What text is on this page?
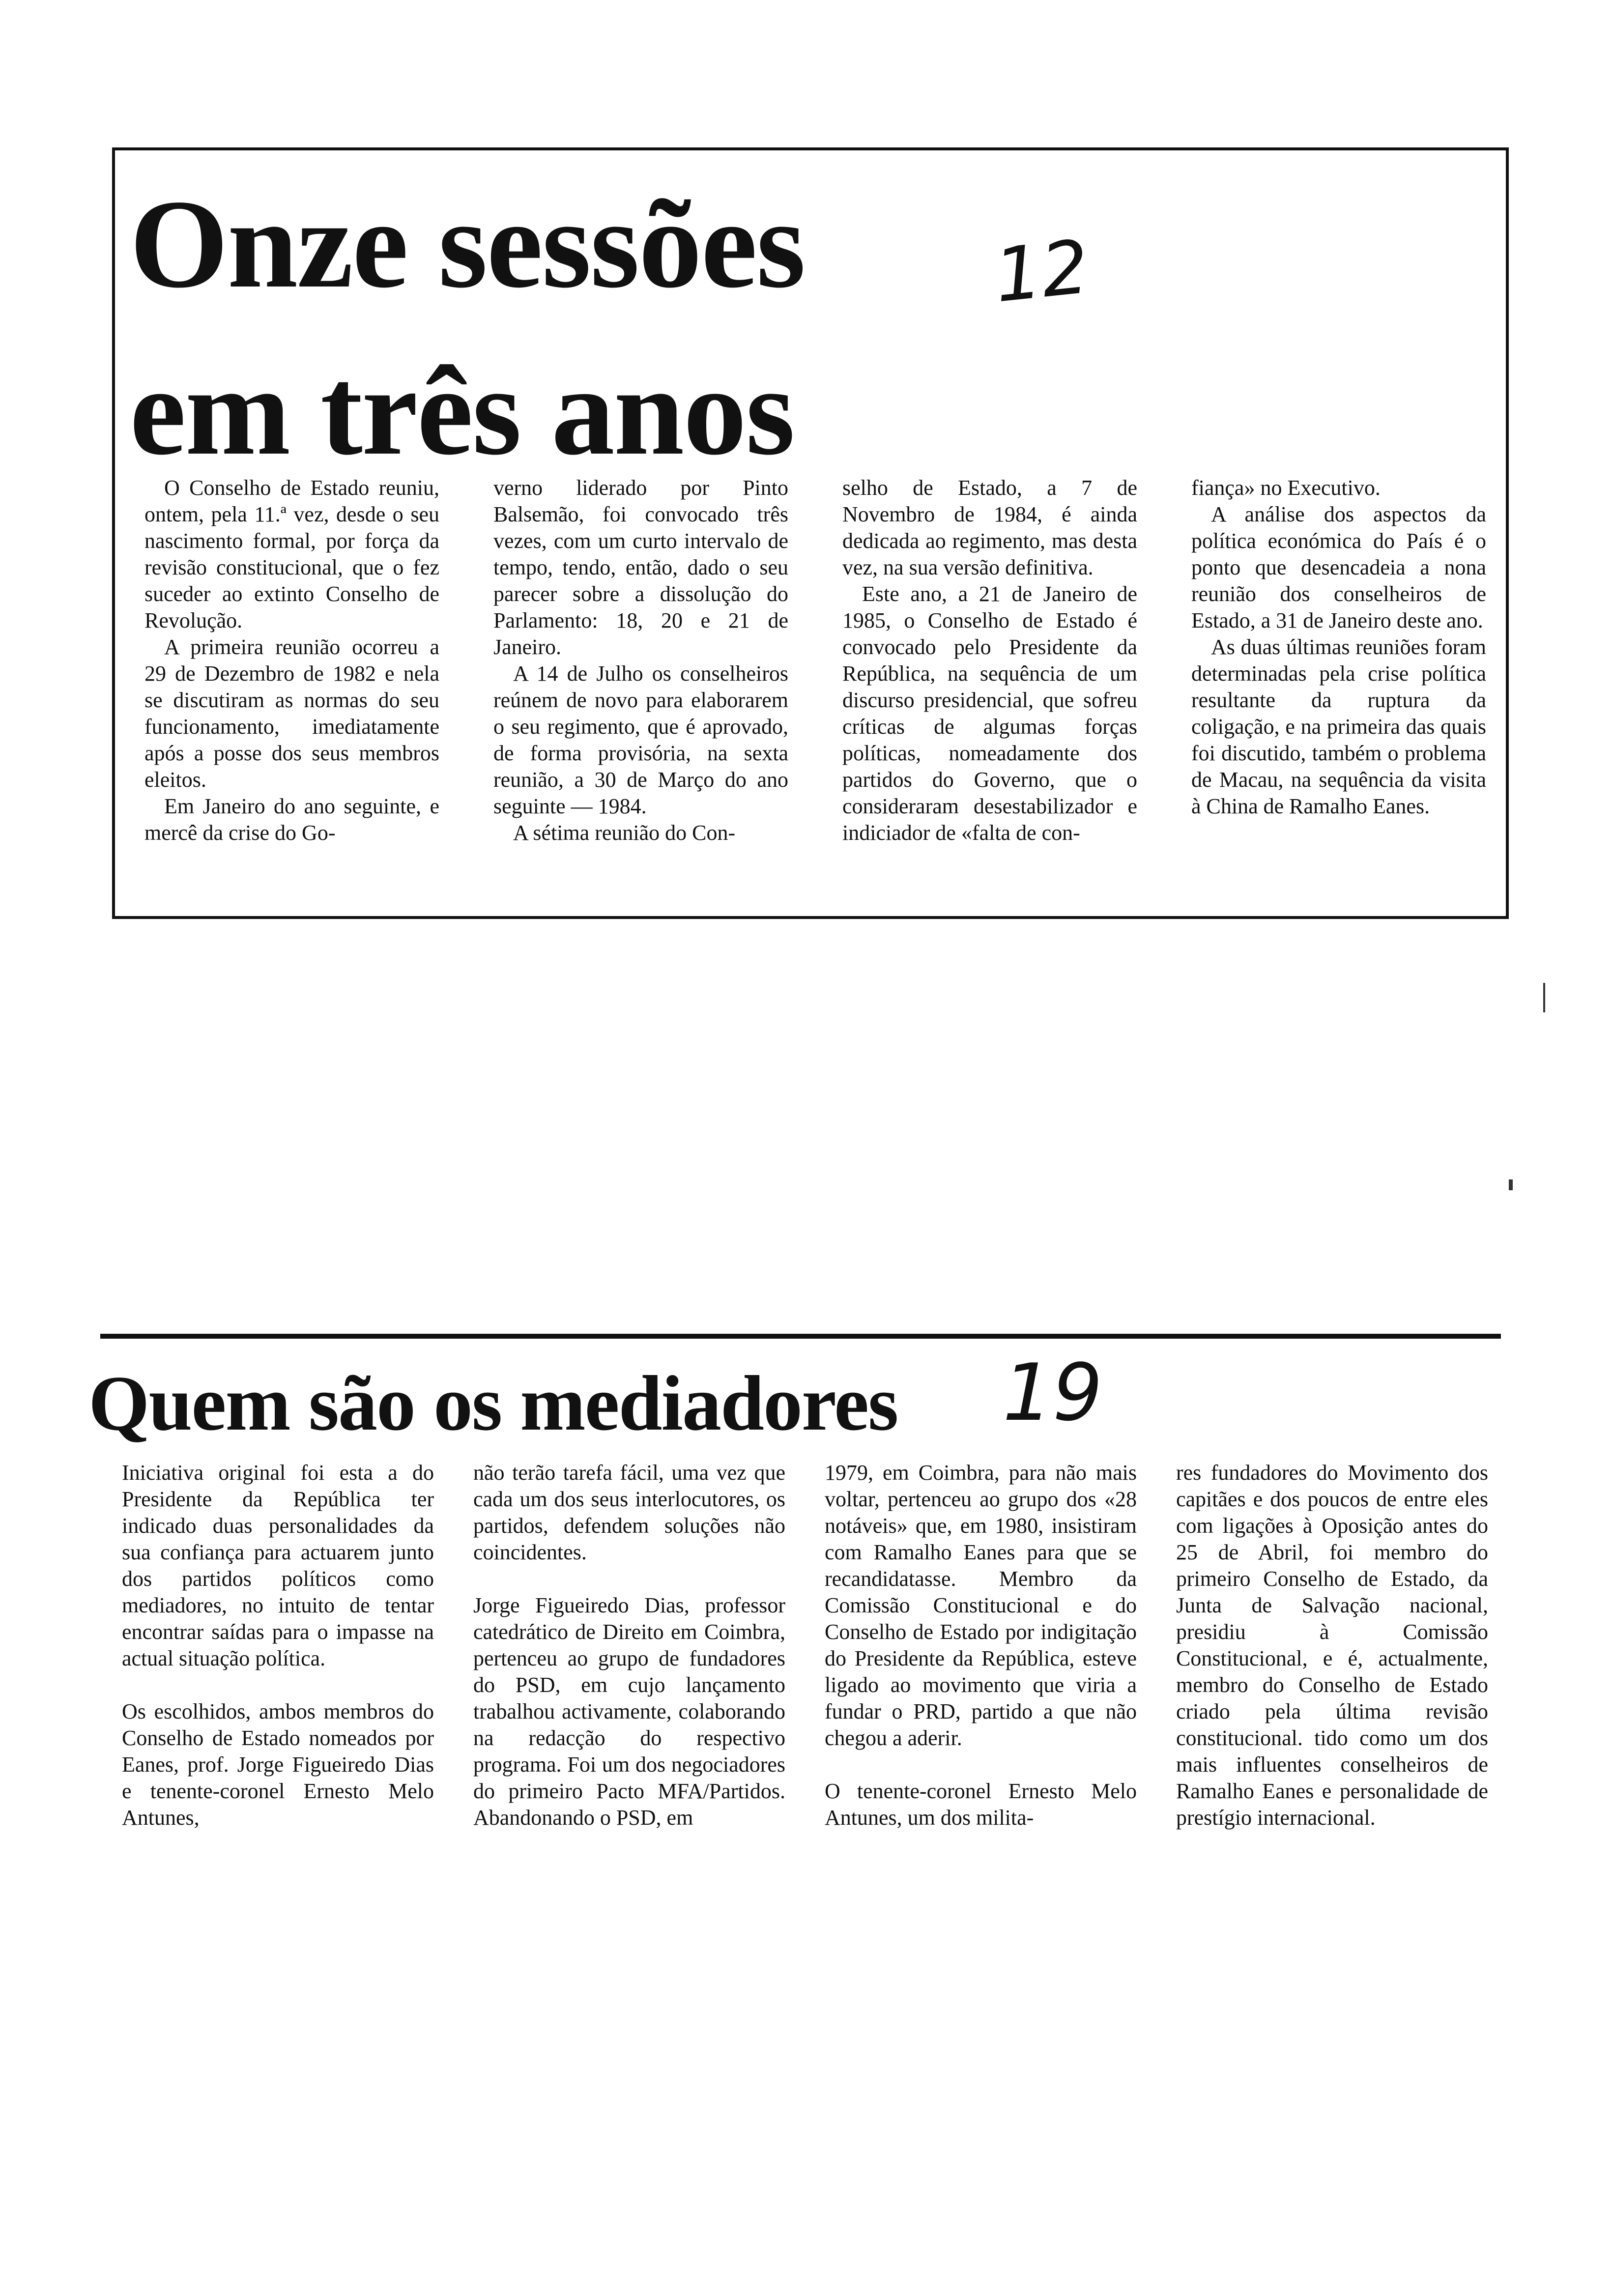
Onze sessões
em três anos
12

O Conselho de Estado reuniu, ontem, pela 11.ª vez, desde o seu nascimento formal, por força da revisão constitucional, que o fez suceder ao extinto Conselho de Revolução.

A primeira reunião ocorreu a 29 de Dezembro de 1982 e nela se discutiram as normas do seu funcionamento, imediatamente após a posse dos seus membros eleitos.

Em Janeiro do ano seguinte, e mercê da crise do Go-

verno liderado por Pinto Balsemão, foi convocado três vezes, com um curto intervalo de tempo, tendo, então, dado o seu parecer sobre a dissolução do Parlamento: 18, 20 e 21 de Janeiro.

A 14 de Julho os conselheiros reúnem de novo para elaborarem o seu regimento, que é aprovado, de forma provisória, na sexta reunião, a 30 de Março do ano seguinte — 1984.

A sétima reunião do Con-

selho de Estado, a 7 de Novembro de 1984, é ainda dedicada ao regimento, mas desta vez, na sua versão definitiva.

Este ano, a 21 de Janeiro de 1985, o Conselho de Estado é convocado pelo Presidente da República, na sequência de um discurso presidencial, que sofreu críticas de algumas forças políticas, nomeadamente dos partidos do Governo, que o consideraram desestabilizador e indiciador de «falta de con-

fiança» no Executivo.

A análise dos aspectos da política económica do País é o ponto que desencadeia a nona reunião dos conselheiros de Estado, a 31 de Janeiro deste ano.

As duas últimas reuniões foram determinadas pela crise política resultante da ruptura da coligação, e na primeira das quais foi discutido, também o problema de Macau, na sequência da visita à China de Ramalho Eanes.

Quem são os mediadores 19

Iniciativa original foi esta a do Presidente da República ter indicado duas personalidades da sua confiança para actuarem junto dos partidos políticos como mediadores, no intuito de tentar encontrar saídas para o impasse na actual situação política.

Os escolhidos, ambos membros do Conselho de Estado nomeados por Eanes, prof. Jorge Figueiredo Dias e tenente-coronel Ernesto Melo Antunes,

não terão tarefa fácil, uma vez que cada um dos seus interlocutores, os partidos, defendem soluções não coincidentes.

Jorge Figueiredo Dias, professor catedrático de Direito em Coimbra, pertenceu ao grupo de fundadores do PSD, em cujo lançamento trabalhou activamente, colaborando na redacção do respectivo programa. Foi um dos negociadores do primeiro Pacto MFA/Partidos. Abandonando o PSD, em

1979, em Coimbra, para não mais voltar, pertenceu ao grupo dos «28 notáveis» que, em 1980, insistiram com Ramalho Eanes para que se recandidatasse. Membro da Comissão Constitucional e do Conselho de Estado por indigitação do Presidente da República, esteve ligado ao movimento que viria a fundar o PRD, partido a que não chegou a aderir.

O tenente-coronel Ernesto Melo Antunes, um dos milita-

res fundadores do Movimento dos capitães e dos poucos de entre eles com ligações à Oposição antes do 25 de Abril, foi membro do primeiro Conselho de Estado, da Junta de Salvação nacional, presidiu à Comissão Constitucional, e é, actualmente, membro do Conselho de Estado criado pela última revisão constitucional. tido como um dos mais influentes conselheiros de Ramalho Eanes e personalidade de prestígio internacional.
